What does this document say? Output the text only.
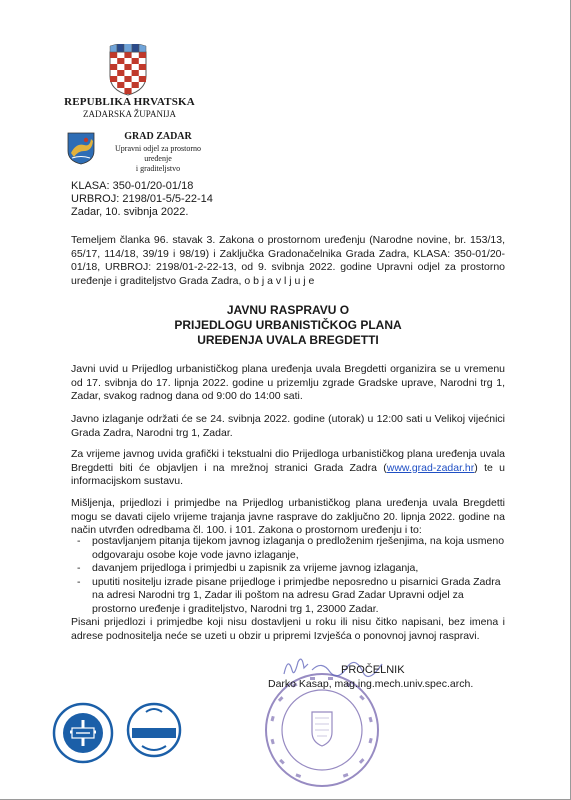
REPUBLIKA HRVATSKA
ZADARSKA ŽUPANIJA
GRAD ZADAR
Upravni odjel za prostorno uređenje
i graditeljstvo
KLASA: 350-01/20-01/18
URBROJ: 2198/01-5/5-22-14
Zadar, 10. svibnja 2022.
Temeljem članka 96. stavak 3. Zakona o prostornom uređenju (Narodne novine, br. 153/13, 65/17, 114/18, 39/19 i 98/19) i Zaključka Gradonačelnika Grada Zadra, KLASA: 350-01/20-01/18, URBROJ: 2198/01-2-22-13, od 9. svibnja 2022. godine Upravni odjel za prostorno uređenje i graditeljstvo Grada Zadra, o b j a v l j u j e
JAVNU RASPRAVU O
PRIJEDLOGU URBANISTIČKOG PLANA
UREĐENJA UVALA BREGDETTI
Javni uvid u Prijedlog urbanističkog plana uređenja uvala Bregdetti organizira se u vremenu od 17. svibnja do 17. lipnja 2022. godine u prizemlju zgrade Gradske uprave, Narodni trg 1, Zadar, svakog radnog dana od 9:00 do 14:00 sati.
Javno izlaganje održati će se 24. svibnja 2022. godine (utorak) u 12:00 sati u Velikoj vijećnici Grada Zadra, Narodni trg 1, Zadar.
Za vrijeme javnog uvida grafički i tekstualni dio Prijedloga urbanističkog plana uređenja uvala Bregdetti biti će objavljen i na mrežnoj stranici Grada Zadra (www.grad-zadar.hr) te u informacijskom sustavu.
Mišljenja, prijedlozi i primjedbe na Prijedlog urbanističkog plana uređenja uvala Bregdetti mogu se davati cijelo vrijeme trajanja javne rasprave do zaključno 20. lipnja 2022. godine na način utvrđen odredbama čl. 100. i 101. Zakona o prostornom uređenju i to:
- postavljanjem pitanja tijekom javnog izlaganja o predloženim rješenjima, na koja usmeno odgovaraju osobe koje vode javno izlaganje,
- davanjem prijedloga i primjedbi u zapisnik za vrijeme javnog izlaganja,
- uputiti nositelju izrade pisane prijedloge i primjedbe neposredno u pisarnici Grada Zadra na adresi Narodni trg 1, Zadar ili poštom na adresu Grad Zadar Upravni odjel za prostorno uređenje i graditeljstvo, Narodni trg 1, 23000 Zadar.
Pisani prijedlozi i primjedbe koji nisu dostavljeni u roku ili nisu čitko napisani, bez imena i adrese podnositelja neće se uzeti u obzir u pripremi Izvješća o ponovnoj javnoj raspravi.
PROČELNIK
Darko Kasap, mag.ing.mech.univ.spec.arch.
